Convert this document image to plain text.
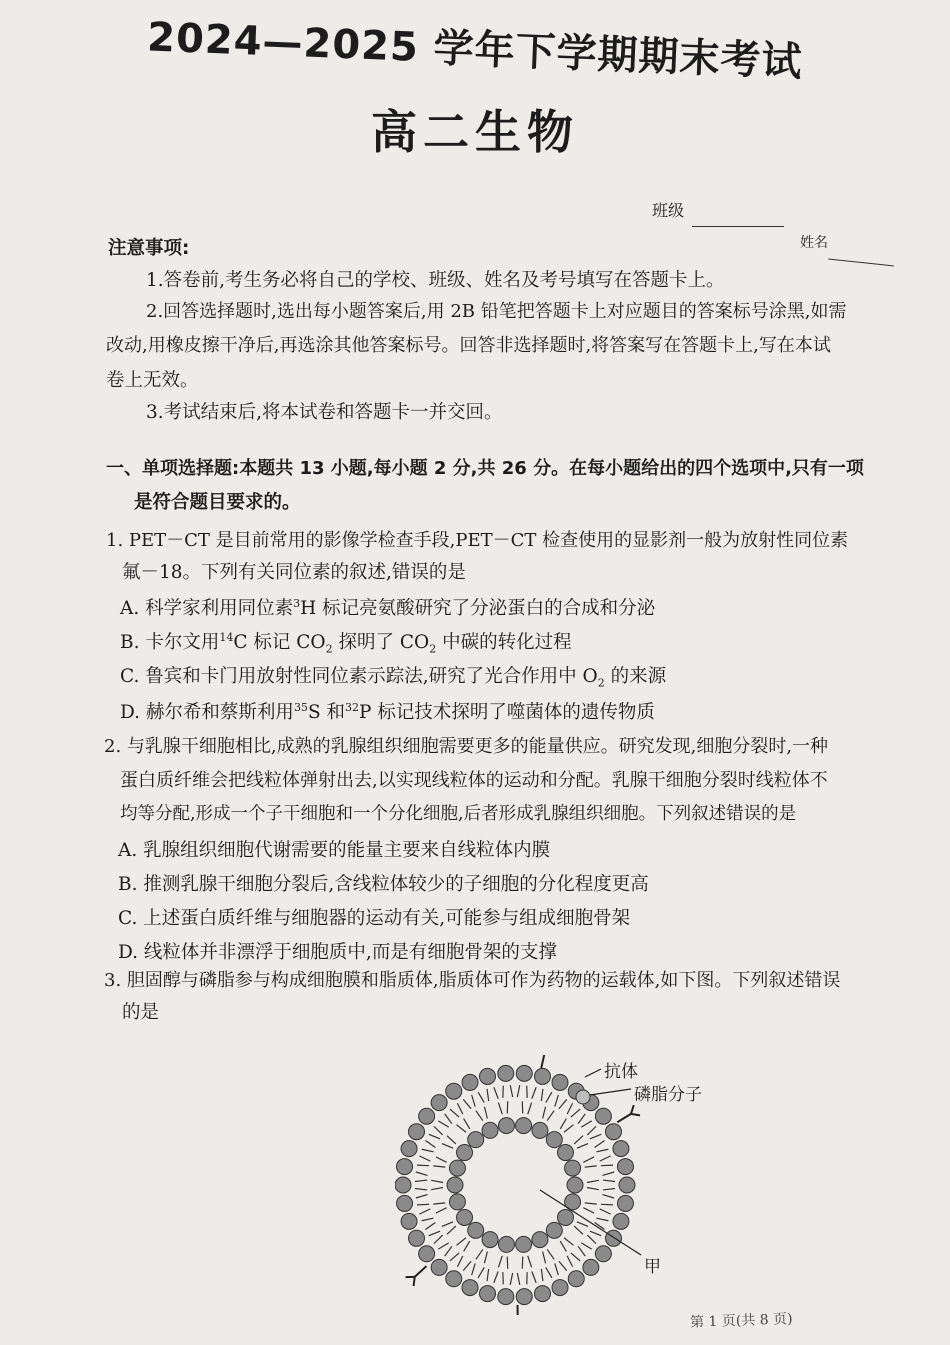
2024—2025 学年下学期期末考试
高二生物
班级
姓名
注意事项:
1.答卷前,考生务必将自己的学校、班级、姓名及考号填写在答题卡上。
2.回答选择题时,选出每小题答案后,用 2B 铅笔把答题卡上对应题目的答案标号涂黑,如需
改动,用橡皮擦干净后,再选涂其他答案标号。回答非选择题时,将答案写在答题卡上,写在本试
卷上无效。
3.考试结束后,将本试卷和答题卡一并交回。
一、单项选择题:本题共 13 小题,每小题 2 分,共 26 分。在每小题给出的四个选项中,只有一项
是符合题目要求的。
1. PET－CT 是目前常用的影像学检查手段,PET－CT 检查使用的显影剂一般为放射性同位素
氟－18。下列有关同位素的叙述,错误的是
A. 科学家利用同位素$^3$H 标记亮氨酸研究了分泌蛋白的合成和分泌
B. 卡尔文用$^{14}$C 标记 $CO_2$ 探明了 $CO_2$ 中碳的转化过程
C. 鲁宾和卡门用放射性同位素示踪法,研究了光合作用中 $O_2$ 的来源
D. 赫尔希和蔡斯利用$^{35}$S 和$^{32}$P 标记技术探明了噬菌体的遗传物质
2. 与乳腺干细胞相比,成熟的乳腺组织细胞需要更多的能量供应。研究发现,细胞分裂时,一种
蛋白质纤维会把线粒体弹射出去,以实现线粒体的运动和分配。乳腺干细胞分裂时线粒体不
均等分配,形成一个子干细胞和一个分化细胞,后者形成乳腺组织细胞。下列叙述错误的是
A. 乳腺组织细胞代谢需要的能量主要来自线粒体内膜
B. 推测乳腺干细胞分裂后,含线粒体较少的子细胞的分化程度更高
C. 上述蛋白质纤维与细胞器的运动有关,可能参与组成细胞骨架
D. 线粒体并非漂浮于细胞质中,而是有细胞骨架的支撑
3. 胆固醇与磷脂参与构成细胞膜和脂质体,脂质体可作为药物的运载体,如下图。下列叙述错误
的是
抗体
磷脂分子
甲
第 1 页(共 8 页)
